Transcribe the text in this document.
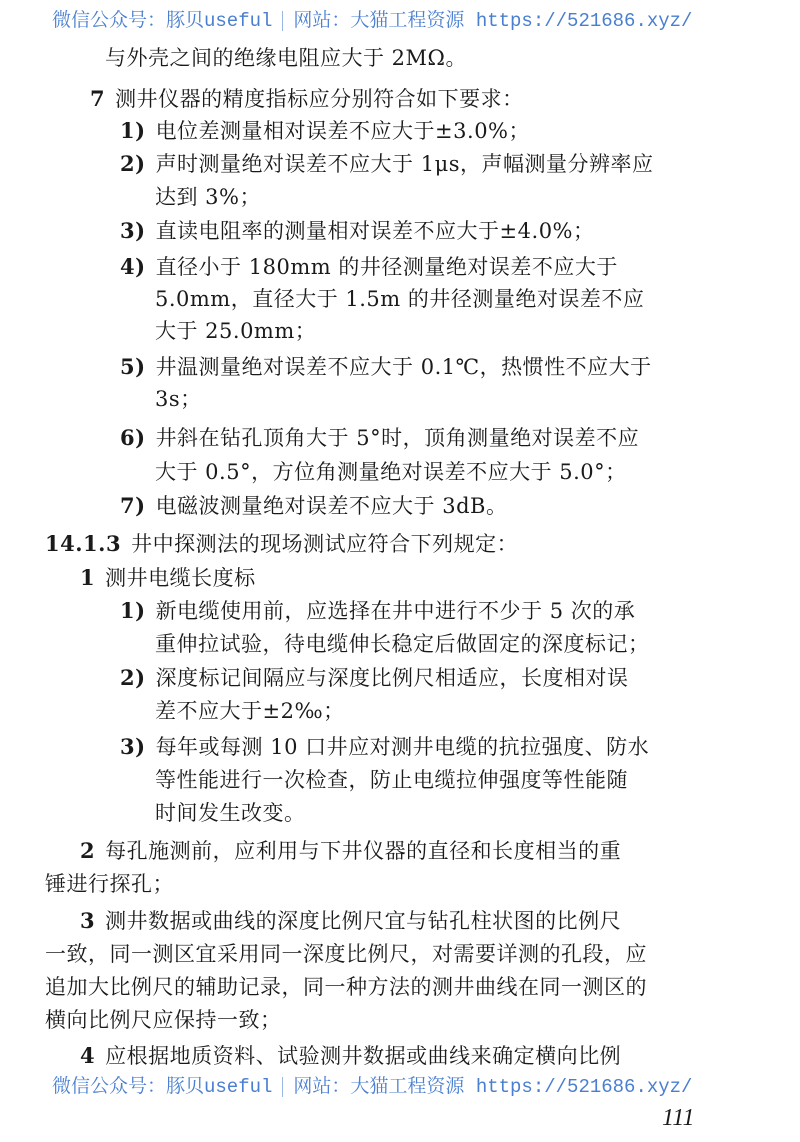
微信公众号：豚贝useful 网站：大猫工程资源 https://521686.xyz/
与外壳之间的绝缘电阻应大于 2MΩ。
7 测井仪器的精度指标应分别符合如下要求：
1) 电位差测量相对误差不应大于±3.0%；
2) 声时测量绝对误差不应大于 1μs，声幅测量分辨率应
达到 3%；
3) 直读电阻率的测量相对误差不应大于±4.0%；
4) 直径小于 180mm 的井径测量绝对误差不应大于
5.0mm，直径大于 1.5m 的井径测量绝对误差不应
大于 25.0mm；
5) 井温测量绝对误差不应大于 0.1℃，热惯性不应大于
3s；
6) 井斜在钻孔顶角大于 5°时，顶角测量绝对误差不应
大于 0.5°，方位角测量绝对误差不应大于 5.0°；
7) 电磁波测量绝对误差不应大于 3dB。
14.1.3 井中探测法的现场测试应符合下列规定：
1 测井电缆长度标
1) 新电缆使用前，应选择在井中进行不少于 5 次的承
重伸拉试验，待电缆伸长稳定后做固定的深度标记；
2) 深度标记间隔应与深度比例尺相适应，长度相对误
差不应大于±2‰；
3) 每年或每测 10 口井应对测井电缆的抗拉强度、防水
等性能进行一次检查，防止电缆拉伸强度等性能随
时间发生改变。
2 每孔施测前，应利用与下井仪器的直径和长度相当的重
锤进行探孔；
3 测井数据或曲线的深度比例尺宜与钻孔柱状图的比例尺
一致，同一测区宜采用同一深度比例尺，对需要详测的孔段，应
追加大比例尺的辅助记录，同一种方法的测井曲线在同一测区的
横向比例尺应保持一致；
4 应根据地质资料、试验测井数据或曲线来确定横向比例
微信公众号：豚贝useful 网站：大猫工程资源 https://521686.xyz/
111
